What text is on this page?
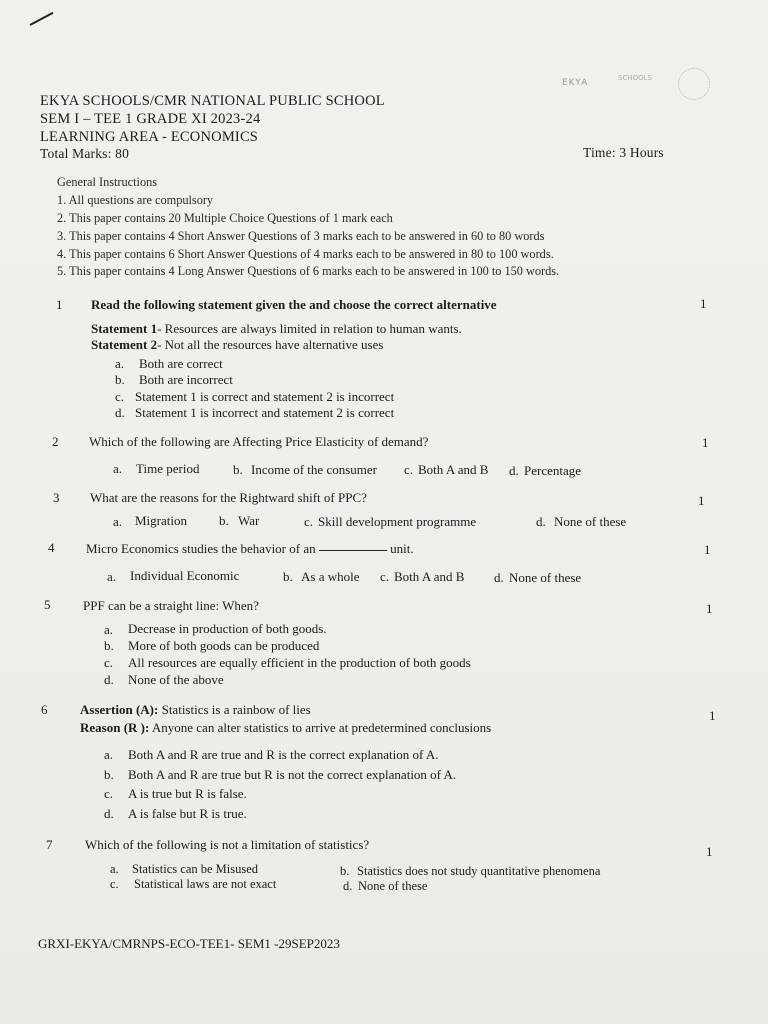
EKYA	SCHOOLS
EKYA SCHOOLS/CMR NATIONAL PUBLIC SCHOOL
SEM I – TEE 1 GRADE XI 2023-24
LEARNING AREA - ECONOMICS
Total Marks: 80	Time: 3 Hours
General Instructions
1. All questions are compulsory
2. This paper contains 20 Multiple Choice Questions of 1 mark each
3. This paper contains 4 Short Answer Questions of 3 marks each to be answered in 60 to 80 words
4. This paper contains 6 Short Answer Questions of 4 marks each to be answered in 80 to 100 words.
5. This paper contains 4 Long Answer Questions of 6 marks each to be answered in 100 to 150 words.
1 Read the following statement given the and choose the correct alternative	1
Statement 1- Resources are always limited in relation to human wants.
Statement 2- Not all the resources have alternative uses
a. Both are correct
b. Both are incorrect
c. Statement 1 is correct and statement 2 is incorrect
d. Statement 1 is incorrect and statement 2 is correct
2 Which of the following are Affecting Price Elasticity of demand?	1
a. Time period	b. Income of the consumer c. Both A and B d. Percentage
3 What are the reasons for the Rightward shift of PPC?	1
a. Migration b. War	c. Skill development programme	d. None of these
4 Micro Economics studies the behavior of an	unit.	1
a. Individual Economic	b. As a whole c. Both A and B d. None of these
5	PPF can be a straight line: When?	1
a. Decrease in production of both goods.
b. More of both goods can be produced
c. All resources are equally efficient in the production of both goods
d. None of the above
6	Assertion (A): Statistics is a rainbow of lies
Reason (R ): Anyone can alter statistics to arrive at predetermined conclusions
1
a. Both A and R are true and R is the correct explanation of A.
b. Both A and R are true but R is not the correct explanation of A.
c. A is true but R is false.
d. A is false but R is true.
7	Which of the following is not a limitation of statistics?	1
a. Statistics can be Misused	b. Statistics does not study quantitative phenomena
c. Statistical laws are not exact	d. None of these
GRXI-EKYA/CMRNPS-ECO-TEE1- SEM1 -29SEP2023
